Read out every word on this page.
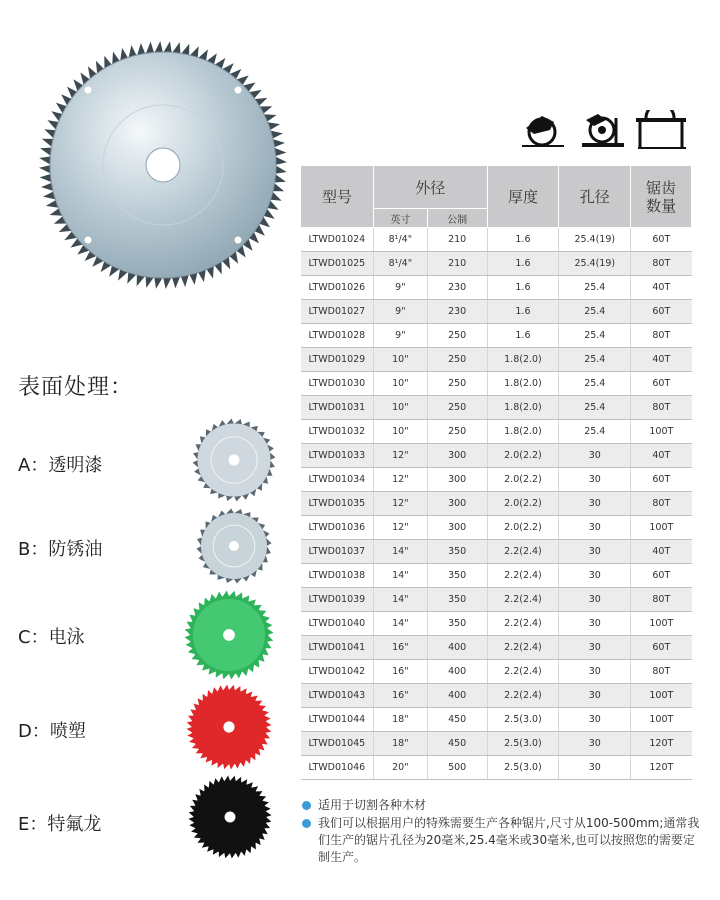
表面处理：
A：透明漆
B：防锈油
C：电泳
D：喷塑
E：特氟龙
型号	外径		厚度	孔径	锯齿
数量
	英寸	公制			
LTWD01024	8¹/4"	210	1.6	25.4(19)	60T
LTWD01025	8¹/4"	210	1.6	25.4(19)	80T
LTWD01026	9"	230	1.6	25.4	40T
LTWD01027	9"	230	1.6	25.4	60T
LTWD01028	9"	250	1.6	25.4	80T
LTWD01029	10"	250	1.8(2.0)	25.4	40T
LTWD01030	10"	250	1.8(2.0)	25.4	60T
LTWD01031	10"	250	1.8(2.0)	25.4	80T
LTWD01032	10"	250	1.8(2.0)	25.4	100T
LTWD01033	12"	300	2.0(2.2)	30	40T
LTWD01034	12"	300	2.0(2.2)	30	60T
LTWD01035	12"	300	2.0(2.2)	30	80T
LTWD01036	12"	300	2.0(2.2)	30	100T
LTWD01037	14"	350	2.2(2.4)	30	40T
LTWD01038	14"	350	2.2(2.4)	30	60T
LTWD01039	14"	350	2.2(2.4)	30	80T
LTWD01040	14"	350	2.2(2.4)	30	100T
LTWD01041	16"	400	2.2(2.4)	30	60T
LTWD01042	16"	400	2.2(2.4)	30	80T
LTWD01043	16"	400	2.2(2.4)	30	100T
LTWD01044	18"	450	2.5(3.0)	30	100T
LTWD01045	18"	450	2.5(3.0)	30	120T
LTWD01046	20"	500	2.5(3.0)	30	120T
适用于切割各种木材
我们可以根据用户的特殊需要生产各种锯片,尺寸从100-500mm;通常我们生产的锯片孔径为20毫米,25.4毫米或30毫米,也可以按照您的需要定制生产。
